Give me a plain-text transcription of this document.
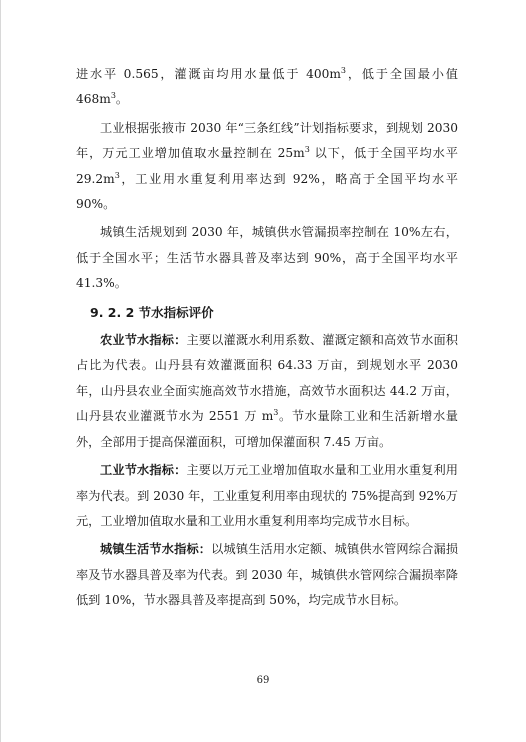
进水平 0.565，灌溉亩均用水量低于 $400m^3$，低于全国最小值 $468m^3$。

工业根据张掖市 2030 年“三条红线”计划指标要求，到规划 2030 年，万元工业增加值取水量控制在 $25m^3$ 以下，低于全国平均水平 $29.2m^3$，工业用水重复利用率达到 92%，略高于全国平均水平 90%。

城镇生活规划到 2030 年，城镇供水管漏损率控制在 10%左右，低于全国水平；生活节水器具普及率达到 90%，高于全国平均水平 41.3%。

9. 2. 2 节水指标评价

农业节水指标：主要以灌溉水利用系数、灌溉定额和高效节水面积占比为代表。山丹县有效灌溉面积 64.33 万亩，到规划水平 2030 年，山丹县农业全面实施高效节水措施，高效节水面积达 44.2 万亩，山丹县农业灌溉节水为 2551 万 $m^3$。节水量除工业和生活新增水量外，全部用于提高保灌面积，可增加保灌面积 7.45 万亩。

工业节水指标：主要以万元工业增加值取水量和工业用水重复利用率为代表。到 2030 年，工业重复利用率由现状的 75%提高到 92%万元，工业增加值取水量和工业用水重复利用率均完成节水目标。

城镇生活节水指标：以城镇生活用水定额、城镇供水管网综合漏损率及节水器具普及率为代表。到 2030 年，城镇供水管网综合漏损率降低到 10%，节水器具普及率提高到 50%，均完成节水目标。

69
